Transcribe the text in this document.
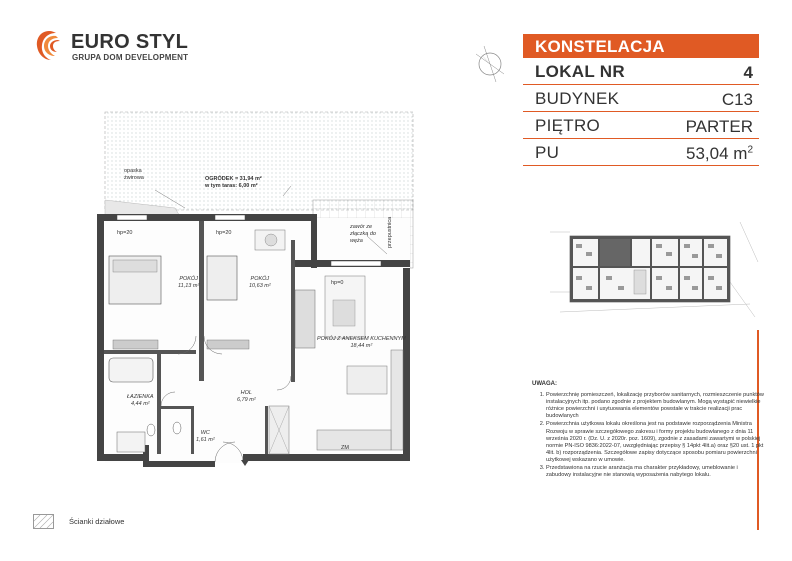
EURO STYL
GRUPA DOM DEVELOPMENT
KONSTELACJA
LOKAL NR	4
BUDYNEK	C13
PIĘTRO	PARTER
PU	53,04 $m^2$
opaska
żwirowa	OGRÓDEK = 31,94 m²
w tym taras: 6,00 m²
zawór ze
złączką do
węża	przepustnica
hp=20	hp=20
hp=0
ZM
POKÓJ
11,13 m²
POKÓJ
10,63 m²
POKÓJ Z ANEKSEM KUCHENNYM
18,44 m²
HOL
6,79 m²
ŁAZIENKA
4,44 m²
WC
1,61 m²
UWAGA:
1. Powierzchnię pomieszczeń, lokalizację przyborów sanitarnych, rozmieszczenie punktów instalacyjnych itp. podano zgodnie z projektem budowlanym. Mogą wystąpić niewielkie różnice powierzchni i usytuowania elementów powstałe w trakcie realizacji prac budowlanych
2. Powierzchnia użytkowa lokalu określona jest na podstawie rozporządzenia Ministra Rozwoju w sprawie szczegółowego zakresu i formy projektu budowlanego z dnia 11 września 2020 r. (Dz. U. z 2020r. poz. 1609), zgodnie z zasadami zawartymi w polskiej normie PN-ISO 9836:2022-07, uwzględniając przepisy § 14pkt 4lit.a) oraz §20 ust. 1 pkt 4lit. b) rozporządzenia. Szczegółowe zapisy dotyczące sposobu pomiaru powierzchni użytkowej wskazano w umowie.
3. Przedstawiona na rzucie aranżacja ma charakter przykładowy, umeblowanie i zabudowy instalacyjne nie stanowią wyposażenia nabytego lokalu.
Ścianki działowe
